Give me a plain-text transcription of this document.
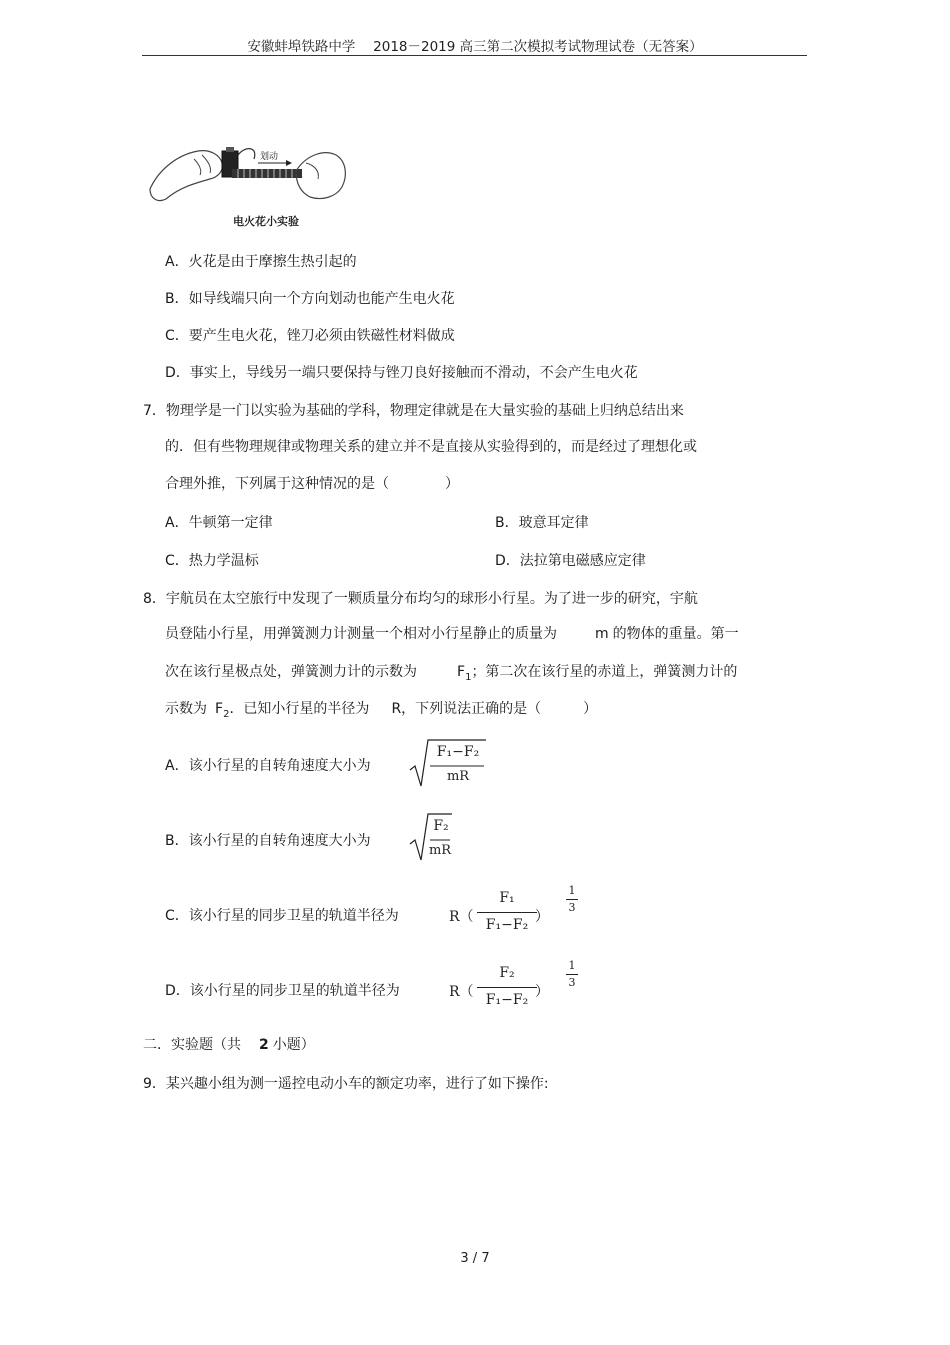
安徽蚌埠铁路中学　 2018－2019 高三第二次模拟考试物理试卷（无答案）
划动
电火花小实验
A．火花是由于摩擦生热引起的
B．如导线端只向一个方向划动也能产生电火花
C．要产生电火花，锉刀必须由铁磁性材料做成
D．事实上，导线另一端只要保持与锉刀良好接触而不滑动，不会产生电火花
7．物理学是一门以实验为基础的学科，物理定律就是在大量实验的基础上归纳总结出来
的．但有些物理规律或物理关系的建立并不是直接从实验得到的，而是经过了理想化或
合理外推，下列属于这种情况的是（　　　　）
A．牛顿第一定律	B．玻意耳定律
C．热力学温标	D．法拉第电磁感应定律
8．宇航员在太空旅行中发现了一颗质量分布均匀的球形小行星。为了进一步的研究，宇航
员登陆小行星，用弹簧测力计测量一个相对小行星静止的质量为	m 的物体的重量。第一
次在该行星极点处，弹簧测力计的示数为	$F_1$；第二次在该行星的赤道上，弹簧测力计的
示数为 $F_2$．已知小行星的半径为 R，下列说法正确的是（　　　）
A．该小行星的自转角速度大小为
F₁−F₂
mR
B．该小行星的自转角速度大小为
F₂
mR
C．该小行星的同步卫星的轨道半径为	R（
F₁
F₁−F₂ ）
1
3
D．该小行星的同步卫星的轨道半径为	R（
F₂
F₁−F₂ ）
1
3
二．实验题（共 2 小题）
9．某兴趣小组为测一遥控电动小车的额定功率，进行了如下操作:
3 / 7
